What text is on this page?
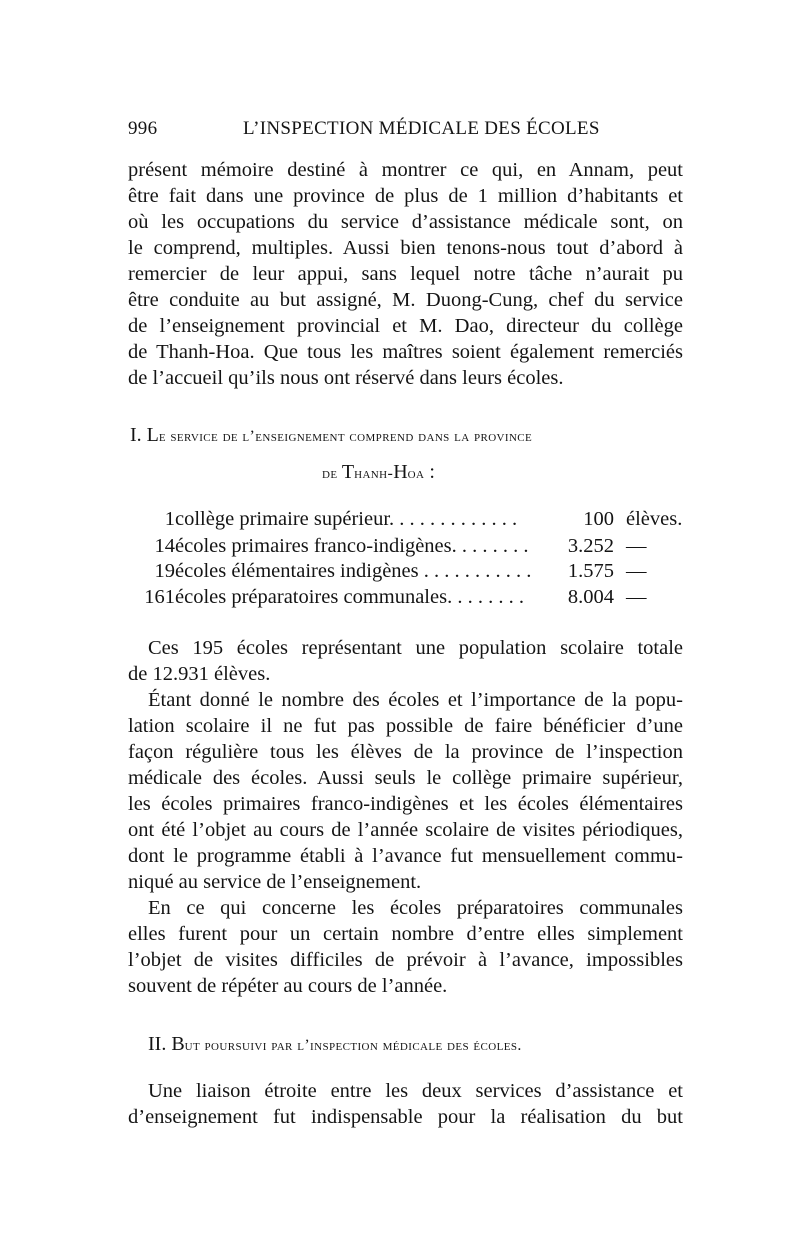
996	L’INSPECTION MÉDICALE DES ÉCOLES
présent mémoire destiné à montrer ce qui, en Annam, peut
être fait dans une province de plus de 1 million d’habitants et
où les occupations du service d’assistance médicale sont, on
le comprend, multiples. Aussi bien tenons-nous tout d’abord à
remercier de leur appui, sans lequel notre tâche n’aurait pu
être conduite au but assigné, M. Duong-Cung, chef du service
de l’enseignement provincial et M. Dao, directeur du collège
de Thanh-Hoa. Que tous les maîtres soient également remerciés
de l’accueil qu’ils nous ont réservé dans leurs écoles.
I. Le service de l’enseignement comprend dans la province
de Thanh-Hoa :
1 collège primaire supérieur. . . . . . . . . . . . .	100 élèves.
14 écoles primaires franco-indigènes. . . . . . . .	3.252 —
19 écoles élémentaires indigènes . . . . . . . . . . .	1.575 —
161 écoles préparatoires communales. . . . . . . .	8.004 —
Ces 195 écoles représentant une population scolaire totale
de 12.931 élèves.
Étant donné le nombre des écoles et l’importance de la popu-
lation scolaire il ne fut pas possible de faire bénéficier d’une
façon régulière tous les élèves de la province de l’inspection
médicale des écoles. Aussi seuls le collège primaire supérieur,
les écoles primaires franco-indigènes et les écoles élémentaires
ont été l’objet au cours de l’année scolaire de visites périodiques,
dont le programme établi à l’avance fut mensuellement commu-
niqué au service de l’enseignement.
En ce qui concerne les écoles préparatoires communales
elles furent pour un certain nombre d’entre elles simplement
l’objet de visites difficiles de prévoir à l’avance, impossibles
souvent de répéter au cours de l’année.
II. But poursuivi par l’inspection médicale des écoles.
Une liaison étroite entre les deux services d’assistance et
d’enseignement fut indispensable pour la réalisation du but
